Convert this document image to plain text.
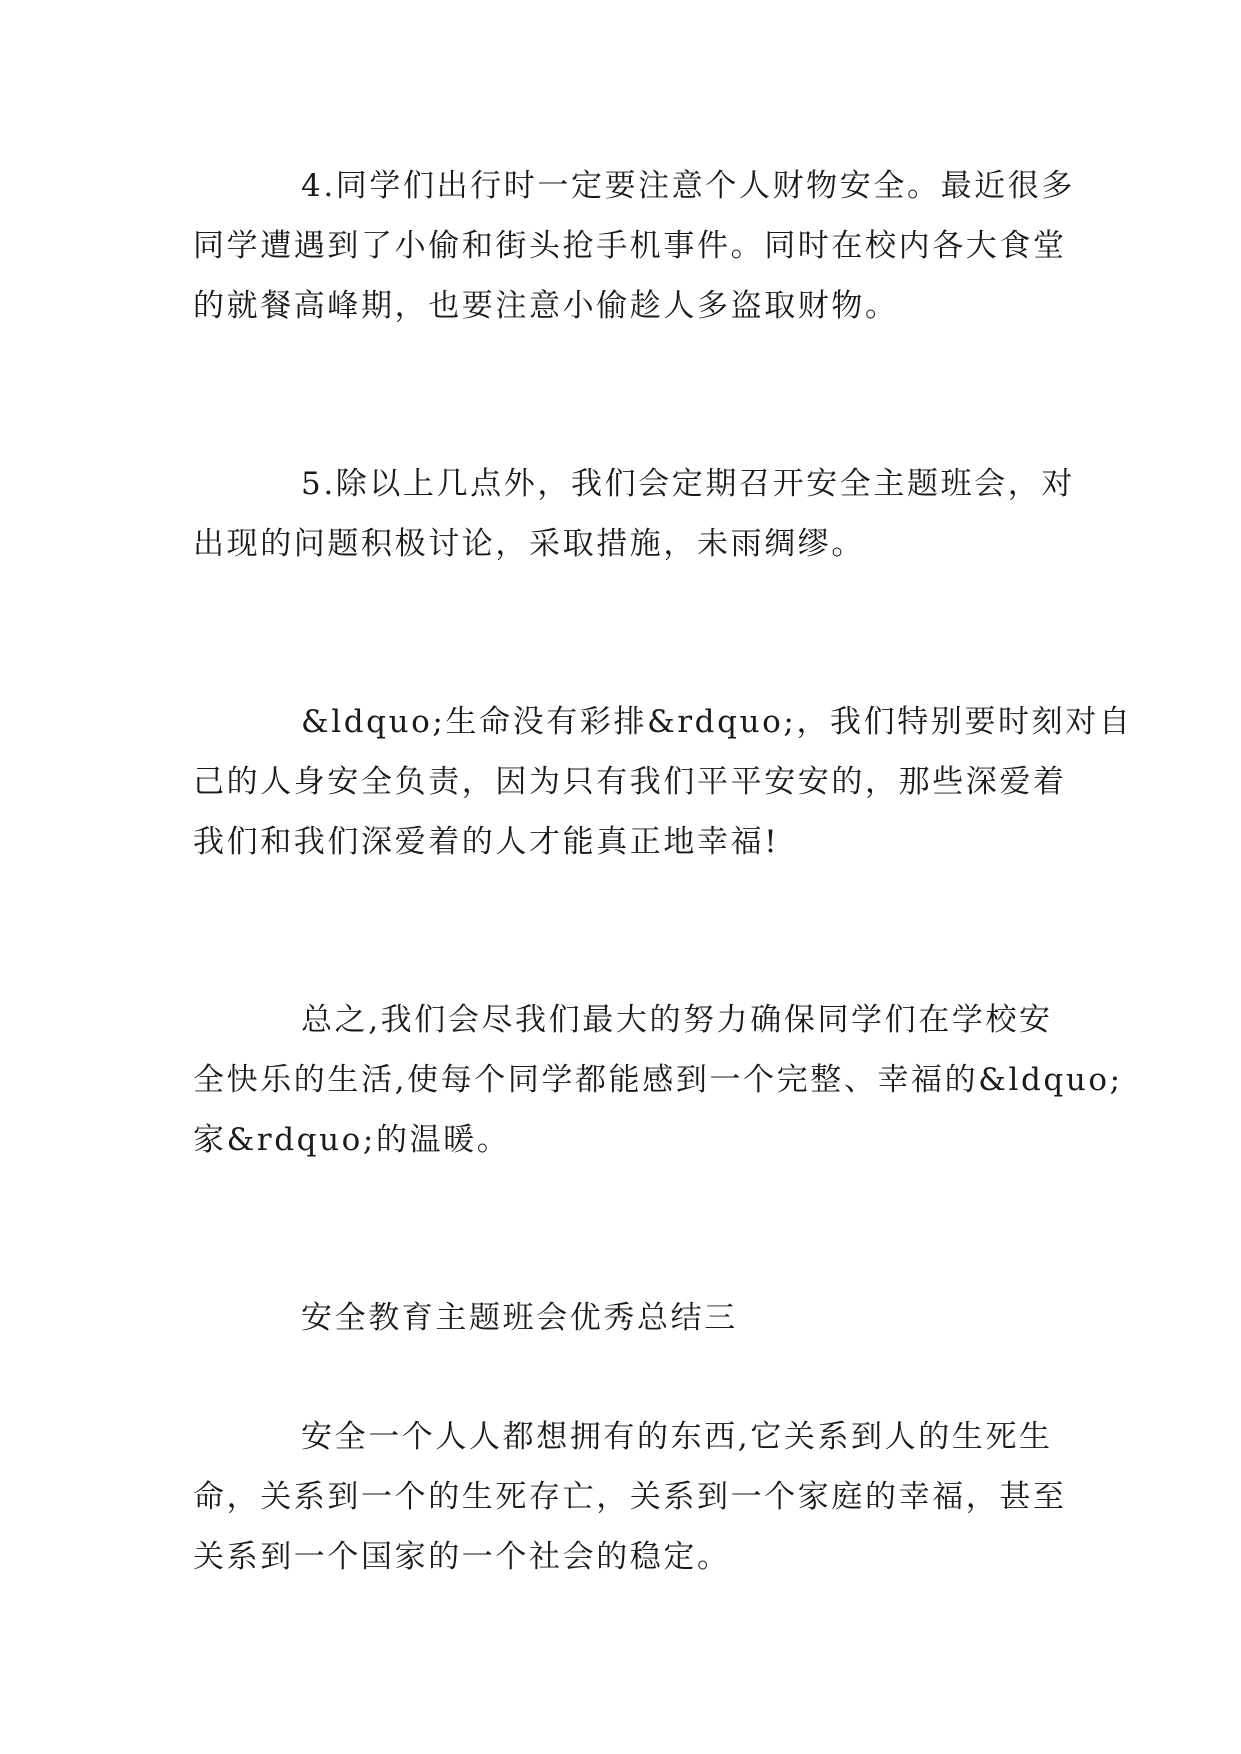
4.同学们出行时一定要注意个人财物安全。最近很多

同学遭遇到了小偷和街头抢手机事件。同时在校内各大食堂

的就餐高峰期，也要注意小偷趁人多盗取财物。

5.除以上几点外，我们会定期召开安全主题班会，对

出现的问题积极讨论，采取措施，未雨绸缪。

&ldquo;生命没有彩排&rdquo;，我们特别要时刻对自

己的人身安全负责，因为只有我们平平安安的，那些深爱着

我们和我们深爱着的人才能真正地幸福!

总之,我们会尽我们最大的努力确保同学们在学校安

全快乐的生活,使每个同学都能感到一个完整、幸福的&ldquo;

家&rdquo;的温暖。

安全教育主题班会优秀总结三

安全一个人人都想拥有的东西,它关系到人的生死生

命，关系到一个的生死存亡，关系到一个家庭的幸福，甚至

关系到一个国家的一个社会的稳定。
